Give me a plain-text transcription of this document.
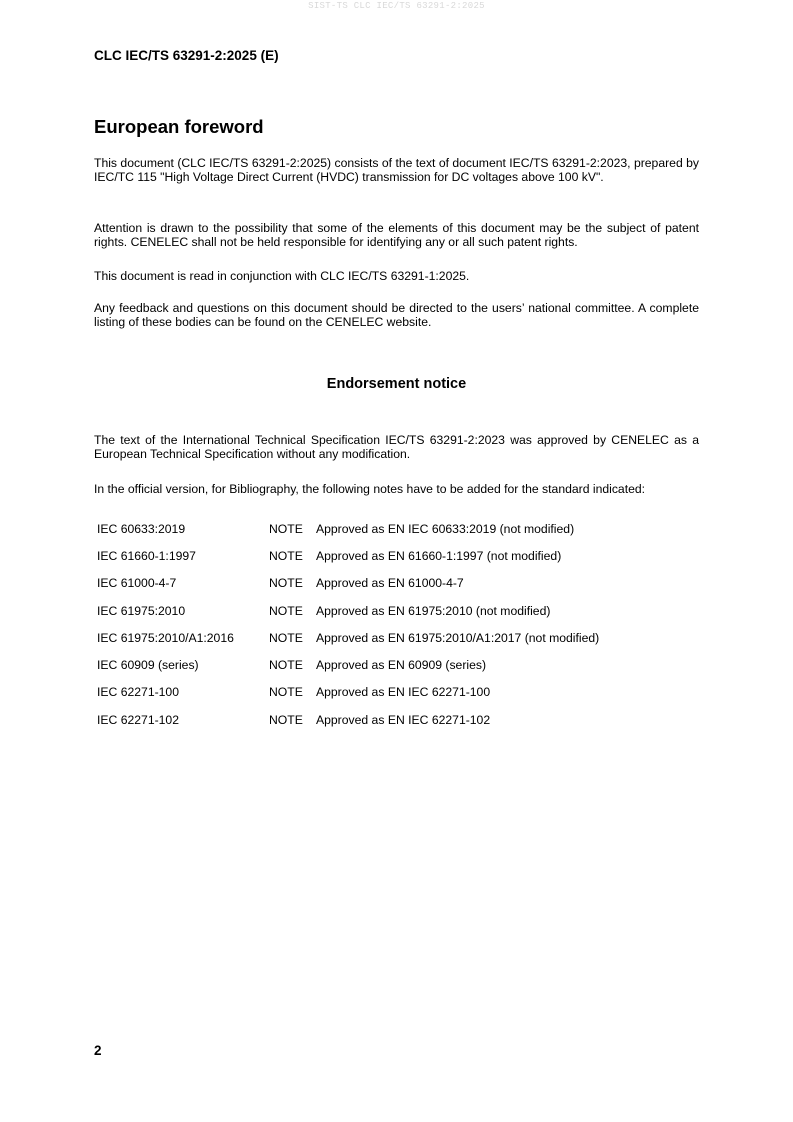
SIST-TS CLC IEC/TS 63291-2:2025
CLC IEC/TS 63291-2:2025 (E)
European foreword

This document (CLC IEC/TS 63291-2:2025) consists of the text of document IEC/TS 63291-2:2023, prepared by IEC/TC 115 "High Voltage Direct Current (HVDC) transmission for DC voltages above 100 kV".

Attention is drawn to the possibility that some of the elements of this document may be the subject of patent rights. CENELEC shall not be held responsible for identifying any or all such patent rights.

This document is read in conjunction with CLC IEC/TS 63291-1:2025.

Any feedback and questions on this document should be directed to the users’ national committee. A complete listing of these bodies can be found on the CENELEC website.

Endorsement notice

The text of the International Technical Specification IEC/TS 63291-2:2023 was approved by CENELEC as a European Technical Specification without any modification.

In the official version, for Bibliography, the following notes have to be added for the standard indicated:

IEC 60633:2019	NOTE	Approved as EN IEC 60633:2019 (not modified)
IEC 61660-1:1997	NOTE	Approved as EN 61660-1:1997 (not modified)
IEC 61000-4-7	NOTE	Approved as EN 61000-4-7
IEC 61975:2010	NOTE	Approved as EN 61975:2010 (not modified)
IEC 61975:2010/A1:2016	NOTE	Approved as EN 61975:2010/A1:2017 (not modified)
IEC 60909 (series)	NOTE	Approved as EN 60909 (series)
IEC 62271-100	NOTE	Approved as EN IEC 62271-100
IEC 62271-102	NOTE	Approved as EN IEC 62271-102
2
